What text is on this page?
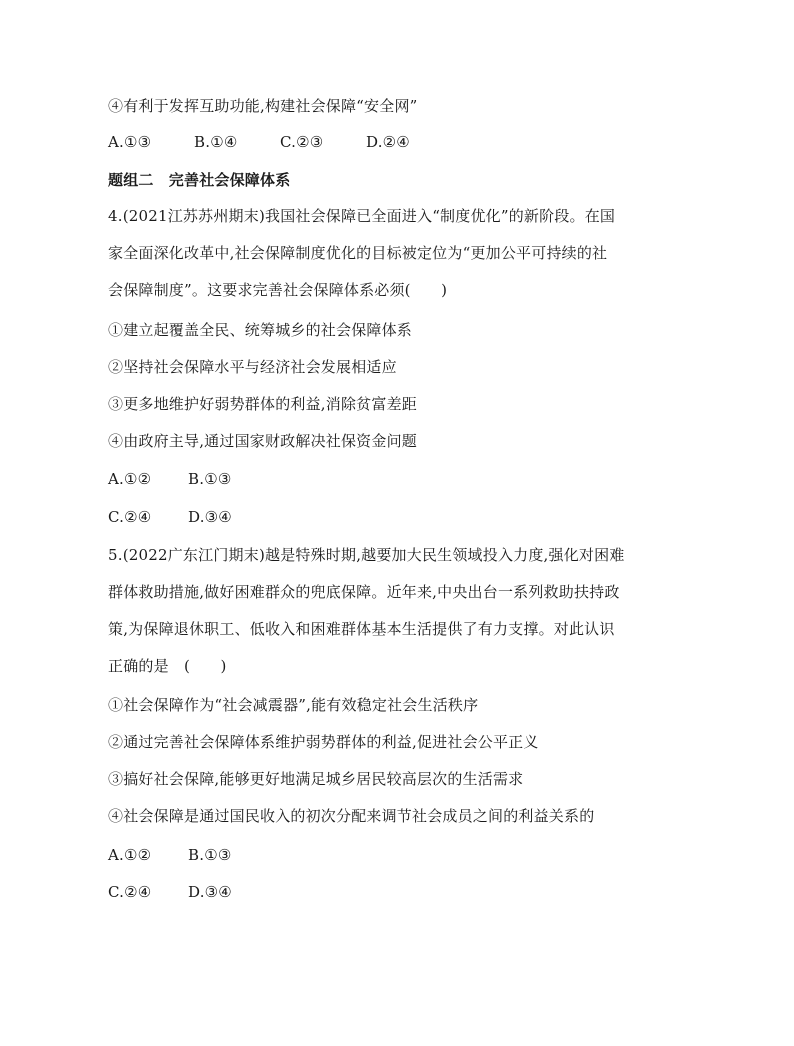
④有利于发挥互助功能,构建社会保障“安全网”
A.①③	B.①④	C.②③	D.②④
题组二　完善社会保障体系
4.(2021江苏苏州期末)我国社会保障已全面进入“制度优化”的新阶段。在国
家全面深化改革中,社会保障制度优化的目标被定位为“更加公平可持续的社
会保障制度”。这要求完善社会保障体系必须(　　)
①建立起覆盖全民、统筹城乡的社会保障体系
②坚持社会保障水平与经济社会发展相适应
③更多地维护好弱势群体的利益,消除贫富差距
④由政府主导,通过国家财政解决社保资金问题
A.①② B.①③
C.②④ D.③④
5.(2022广东江门期末)越是特殊时期,越要加大民生领域投入力度,强化对困难
群体救助措施,做好困难群众的兜底保障。近年来,中央出台一系列救助扶持政
策,为保障退休职工、低收入和困难群体基本生活提供了有力支撑。对此认识
正确的是　(　　)
①社会保障作为“社会减震器”,能有效稳定社会生活秩序
②通过完善社会保障体系维护弱势群体的利益,促进社会公平正义
③搞好社会保障,能够更好地满足城乡居民较高层次的生活需求
④社会保障是通过国民收入的初次分配来调节社会成员之间的利益关系的
A.①② B.①③
C.②④ D.③④
